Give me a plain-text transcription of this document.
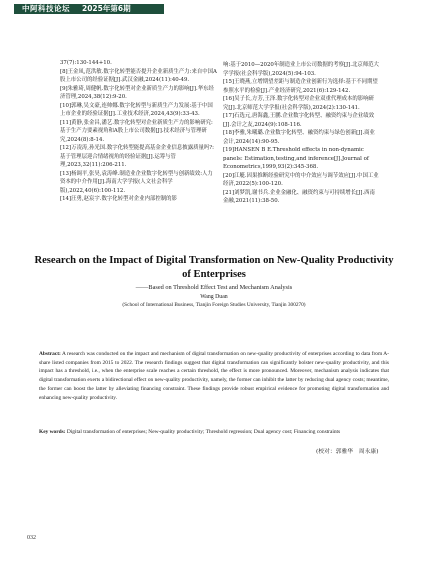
中阿科技论坛 2025年第6期

37(7):130-144+10.

[8]王金凤,范洪敏.数字化转型能否提升企业新质生产力:来自中国A股上市公司的经验证据[J].武汉金融,2024(11):40-49.

[9]朱雅琦,周健帆.数字化转型对企业新质生产力的影响[J].华东经济管理,2024,38(12):9-20.

[10]郭琳,吴文豪,连帅娜.数字化转型与新质生产力发展:基于中国上市企业的经验证据[J].工业技术经济,2024,43(9):33-43.

[11]黄静,张金昌,潘艺.数字化转型对企业新质生产力的影响研究:基于生产力要素视角和A股上市公司数据[J].技术经济与管理研究,2024(8):8-14.

[12]万凌涛,孙光国.数字化转型能提高基金企业信息披露质量吗?:基于管理层迎合情绪视角的经验证据[J].运筹与管理,2023,32(11):206-211.

[13]杨调平,张昊,袁涛峰.制造业企业数字化转型与创新绩效:人力资本的中介作用[J].海南大学学报(人文社会科学版),2022,40(6):100-112.

[14]汪勇,赵宸宇.数字化转型对企业内部控制的影

响:基于2010—2020年制造业上市公司数据的考察[J].北京师范大学学报(社会科学版),2024(5):94-103.

[15]王晓燕,立增期望差距与制造企业创新行为选择:基于不同期望参照水平的检验[J].产业经济研究,2021(6):129-142.

[16]吴子长,方芳,王泽.数字化转型对企业双重代理成本的影响研究[J].北京师范大学学报(社会科学版),2024(2):130-141.

[17]石选元,唐海鑫,王鹏.企业数字化转型、融资约束与企业绩效[J].会计之友,2024(9):108-116.

[18]李雅,朱曦璐.企业数字化转型、融资约束与绿色创新[J].商业会计,2024(14):90-95.

[19]HANSEN B E.Threshold effects in non-dynamic panels: Estimation,testing,and inference[J].Journal of Econometrics,1999,93(2):345-368.

[20]江艇.因果推断经验研究中的中介效应与调节效应[J].中国工业经济,2022(5):100-120.

[21]刘梦凯,谢书兵.企业金融化、融资约束与可持续增长[J].西南金融,2021(11):38-50.

Research on the Impact of Digital Transformation on New-Quality Productivity of Enterprises

——Based on Threshold Effect Test and Mechanism Analysis
Wang Duan
(School of International Business, Tianjin Foreign Studies University, Tianjin 300270)
Abstract: A research was conducted on the impact and mechanism of digital transformation on new-quality productivity of enterprises according to data from A-share listed companies from 2015 to 2022. The research findings suggest that digital transformation can significantly bolster new-quality productivity, and this impact has a threshold, i.e., when the enterprise scale reaches a certain threshold, the effect is more pronounced. Moreover, mechanism analysis indicates that digital transformation exerts a bidirectional effect on new-quality productivity, namely, the former can inhibit the latter by reducing dual agency costs; meantime, the former can boost the latter by alleviating financing constraint. These findings provide robust empirical evidence for promoting digital transformation and enhancing new-quality productivity.
Key words: Digital transformation of enterprises; New-quality productivity; Threshold regression; Dual agency cost; Financing constraints
(校对：郭雅华　周永康)
032
